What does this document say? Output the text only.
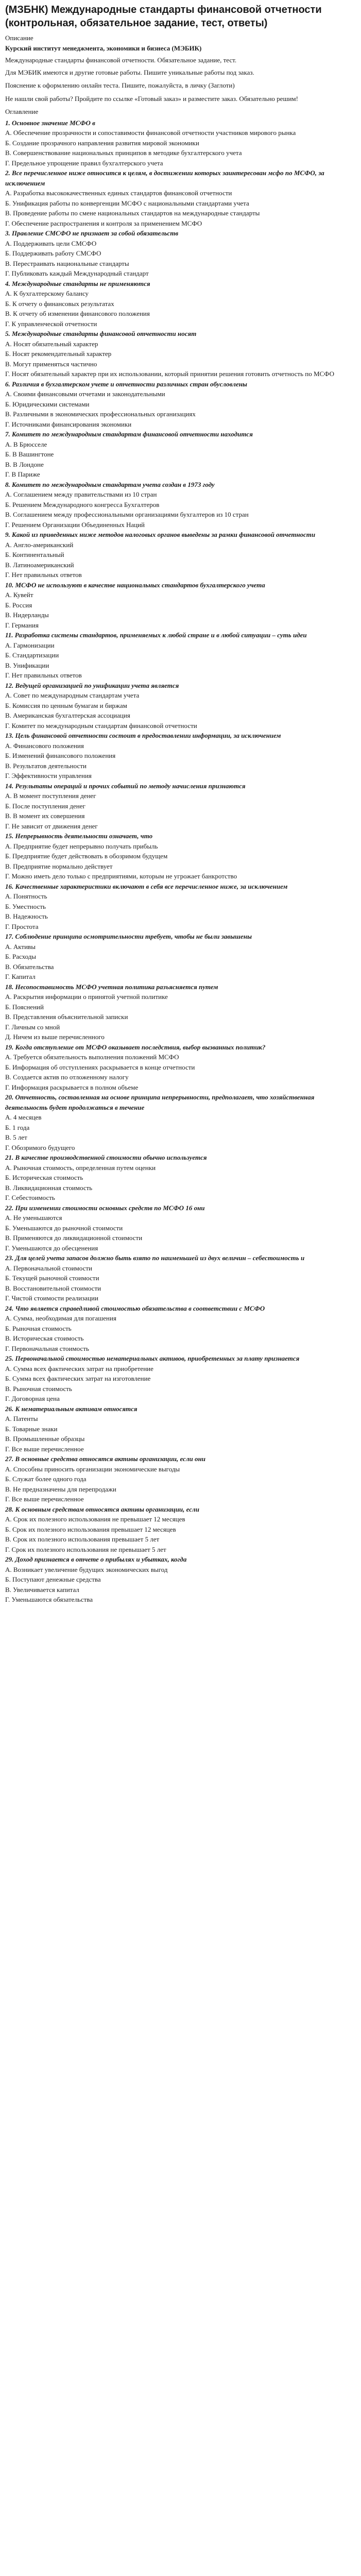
(МЗБНК) Международные стандарты финансовой отчетности (контрольная, обязательное задание, тест, ответы)

Описание

Курский институт менеджмента, экономики и бизнеса (МЭБИК)

Международные стандарты финансовой отчетности. Обязательное задание, тест.

Для МЭБИК имеются и другие готовые работы. Пишите уникальные работы под заказ.

Пояснение к оформлению онлайн теста. Пишите, пожалуйста, в личку (Заглоти)

Не нашли свой работы? Пройдите по ссылке «Готовый заказ» и разместите заказ. Обязательно решим!

Оглавление

1. Основное значение МСФО в

А. Обеспечение прозрачности и сопоставимости финансовой отчетности участников мирового рынка
Б. Создание прозрачного направления развития мировой экономики
В. Совершенствование национальных принципов в методике бухгалтерского учета
Г. Предельное упрощение правил бухгалтерского учета

2. Все перечисленное ниже относится к целям, в достижении которых заинтересован мсфо по МСФО, за исключением

А. Разработка высококачественных единых стандартов финансовой отчетности
Б. Унификация работы по конвергенции МСФО с национальными стандартами учета
В. Проведение работы по смене национальных стандартов на международные стандарты
Г. Обеспечение распространения и контроля за применением МСФО

3. Правление СМСФО не признает за собой обязательств

А. Поддерживать цели СМСФО
Б. Поддерживать работу СМСФО
В. Перестраивать национальные стандарты
Г. Публиковать каждый Международный стандарт

4. Международные стандарты не применяются

А. К бухгалтерскому балансу
Б. К отчету о финансовых результатах
В. К отчету об изменении финансового положения
Г. К управленческой отчетности

5. Международные стандарты финансовой отчетности носят

А. Носят обязательный характер
Б. Носят рекомендательный характер
В. Могут применяться частично
Г. Носят обязательный характер при их использовании, который принятии решения готовить отчетность по МСФО

6. Различия в бухгалтерском учете и отчетности различных стран обусловлены

А. Своими финансовыми отчетами и законодательными
Б. Юридическими системами
В. Различными в экономических профессиональных организациях
Г. Источниками финансирования экономики

7. Комитет по международным стандартам финансовой отчетности находится

А. В Брюсселе
Б. В Вашингтоне
В. В Лондоне
Г. В Париже

8. Комитет по международным стандартам учета создан в 1973 году

А. Соглашением между правительствами из 10 стран
Б. Решением Международного конгресса Бухгалтеров
В. Соглашением между профессиональными организациями бухгалтеров из 10 стран
Г. Решением Организации Объединенных Наций

9. Какой из приведенных ниже методов налоговых органов выведены за рамки финансовой отчетности

А. Англо-американский
Б. Континентальный
В. Латиноамериканский
Г. Нет правильных ответов

10. МСФО не используют в качестве национальных стандартов бухгалтерского учета

А. Кувейт
Б. Россия
В. Нидерланды
Г. Германия

11. Разработка системы стандартов, применяемых к любой стране и в любой ситуации – суть идеи

А. Гармонизации
Б. Стандартизации
В. Унификации
Г. Нет правильных ответов

12. Ведущей организацией по унификации учета является

А. Совет по международным стандартам учета
Б. Комиссия по ценным бумагам и биржам
В. Американская бухгалтерская ассоциация
Г. Комитет по международным стандартам финансовой отчетности

13. Цель финансовой отчетности состоит в предоставлении информации, за исключением

А. Финансового положения
Б. Изменений финансового положения
В. Результатов деятельности
Г. Эффективности управления

14. Результаты операций и прочих событий по методу начисления признаются

А. В момент поступления денег
Б. После поступления денег
В. В момент их совершения
Г. Не зависит от движения денег

15. Непрерывность деятельности означает, что

А. Предприятие будет непрерывно получать прибыль
Б. Предприятие будет действовать в обозримом будущем
В. Предприятие нормально действует
Г. Можно иметь дело только с предприятиями, которым не угрожает банкротство

16. Качественные характеристики включают в себя все перечисленное ниже, за исключением

А. Понятность
Б. Уместность
В. Надежность
Г. Простота

17. Соблюдение принципа осмотрительности требует, чтобы не были завышены

А. Активы
Б. Расходы
В. Обязательства
Г. Капитал

18. Несопоставимость МСФО учетная политика разъясняется путем

А. Раскрытия информации о принятой учетной политике
Б. Пояснений
В. Представления объяснительной записки
Г. Личным со мной
Д. Ничем из выше перечисленного

19. Когда отступление от МСФО оказывает последствия, выбор вызванных политик?

А. Требуется обязательность выполнения положений МСФО
Б. Информация об отступлениях раскрывается в конце отчетности
В. Создается актив по отложенному налогу
Г. Информация раскрывается в полном объеме

20. Отчетность, составленная на основе принципа непрерывности, предполагает, что хозяйственная деятельность будет продолжаться в течение

А. 4 месяцев
Б. 1 года
В. 5 лет
Г. Обозримого будущего

21. В качестве производственной стоимости обычно используется

А. Рыночная стоимость, определенная путем оценки
Б. Историческая стоимость
В. Ликвидационная стоимость
Г. Себестоимость

22. При изменении стоимости основных средств по МСФО 16 они

А. Не уменьшаются
Б. Уменьшаются до рыночной стоимости
В. Применяются до ликвидационной стоимости
Г. Уменьшаются до обесценения

23. Для целей учета запасов должно быть взято по наименьшей из двух величин – себестоимость и

А. Первоначальной стоимости
Б. Текущей рыночной стоимости
В. Восстановительной стоимости
Г. Чистой стоимости реализации

24. Что является справедливой стоимостью обязательства в соответствии с МСФО

А. Сумма, необходимая для погашения
Б. Рыночная стоимость
В. Историческая стоимость
Г. Первоначальная стоимость

25. Первоначальной стоимостью нематериальных активов, приобретенных за плату признается

А. Сумма всех фактических затрат на приобретение
Б. Сумма всех фактических затрат на изготовление
В. Рыночная стоимость
Г. Договорная цена

26. К нематериальным активам относятся

А. Патенты
Б. Товарные знаки
В. Промышленные образцы
Г. Все выше перечисленное

27. В основные средства относятся активы организации, если они

А. Способны приносить организации экономические выгоды
Б. Служат более одного года
В. Не предназначены для перепродажи
Г. Все выше перечисленное

28. К основным средствам относятся активы организации, если

А. Срок их полезного использования не превышает 12 месяцев
Б. Срок их полезного использования превышает 12 месяцев
В. Срок их полезного использования превышает 5 лет
Г. Срок их полезного использования не превышает 5 лет

29. Доход признается в отчете о прибылях и убытках, когда

А. Возникает увеличение будущих экономических выгод
Б. Поступают денежные средства
В. Увеличивается капитал
Г. Уменьшаются обязательства
